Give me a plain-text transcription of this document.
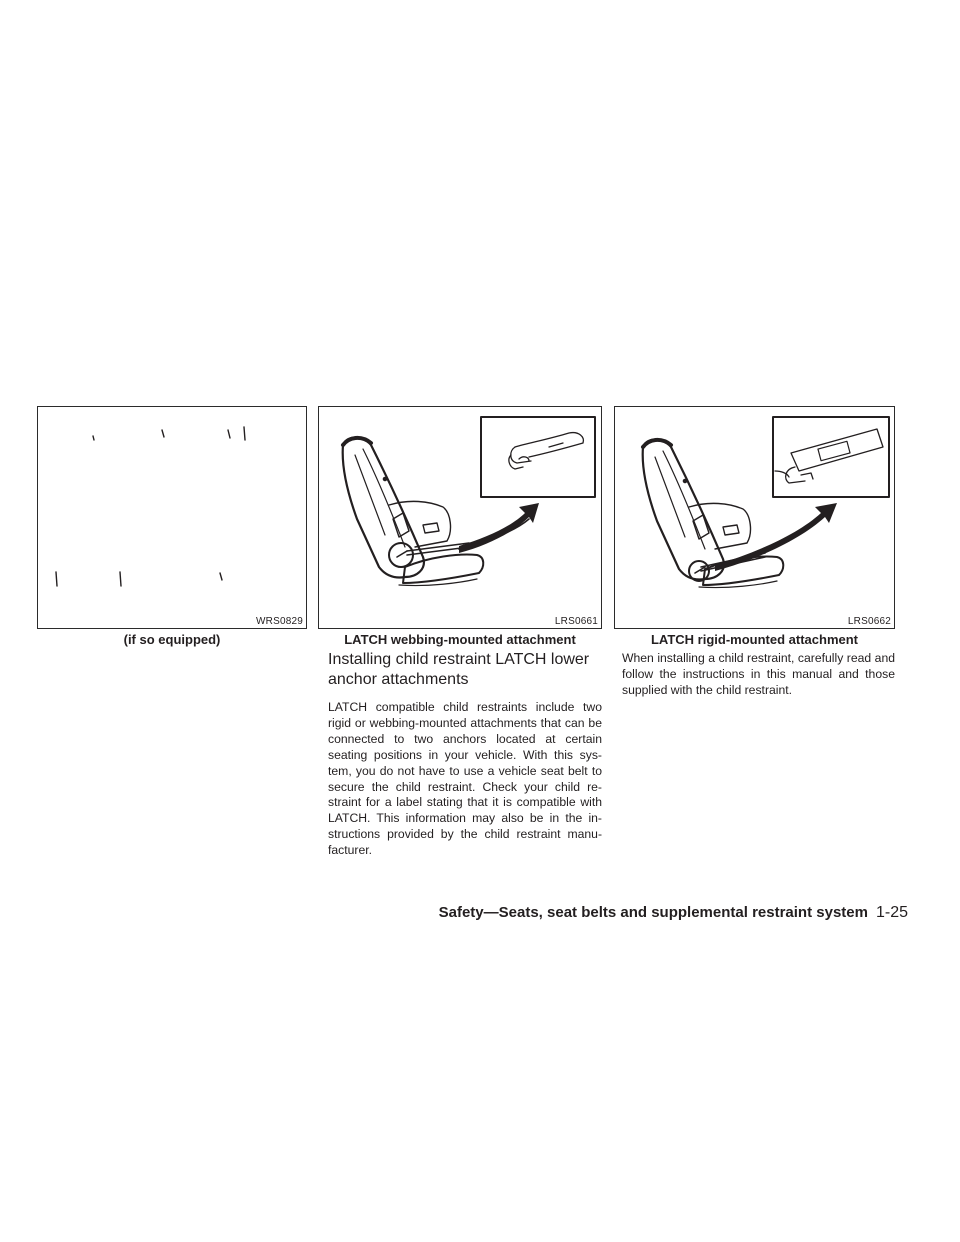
WRS0829
(if so equipped)
LRS0661
LATCH webbing-mounted attachment
LRS0662
LATCH rigid-mounted attachment
Installing child restraint LATCH lower anchor attachments

LATCH compatible child restraints include two rigid or webbing-mounted attachments that can be connected to two anchors located at certain seating positions in your vehicle. With this sys-tem, you do not have to use a vehicle seat belt to secure the child restraint. Check your child re-straint for a label stating that it is compatible with LATCH. This information may also be in the in-structions provided by the child restraint manu-facturer.

When installing a child restraint, carefully read and follow the instructions in this manual and those supplied with the child restraint.

Safety—Seats, seat belts and supplemental restraint system 1-25
